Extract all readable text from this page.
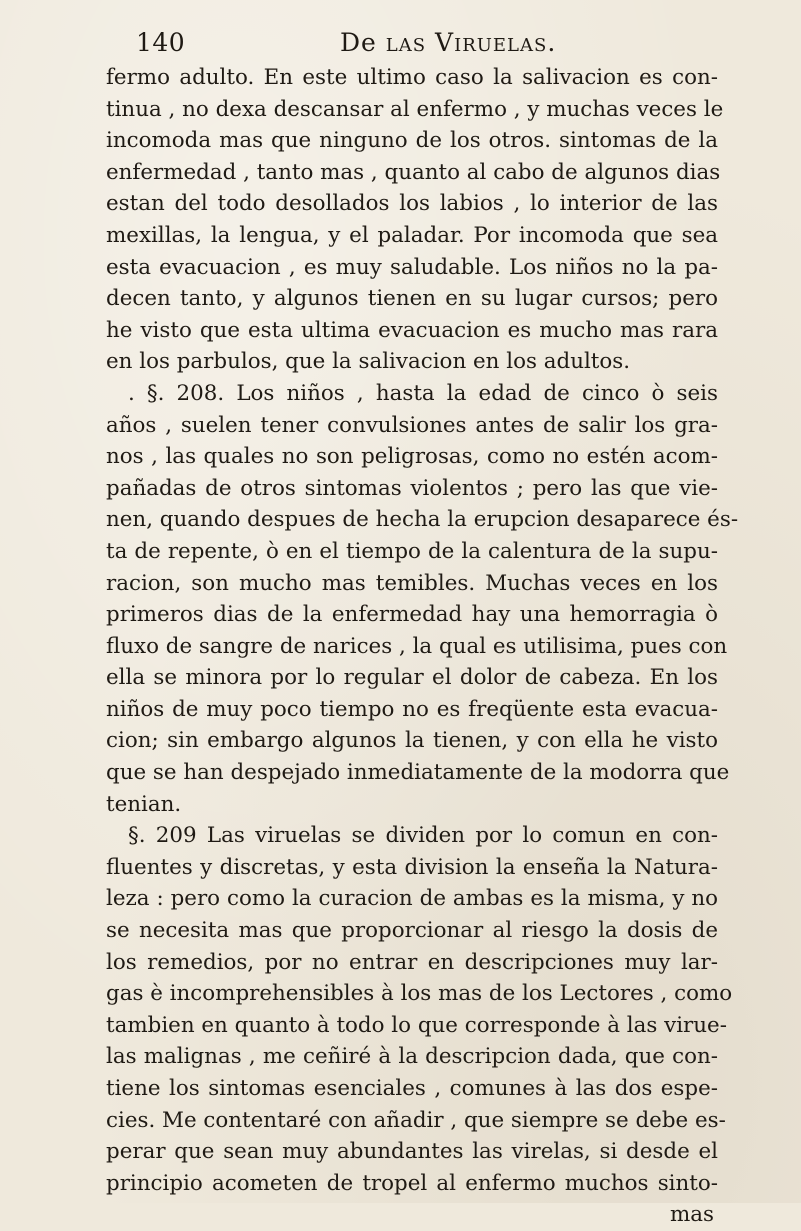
140	De las Viruelas.
fermo adulto. En este ultimo caso la salivacion es con-
tinua , no dexa descansar al enfermo , y muchas veces le
incomoda mas que ninguno de los otros. sintomas de la
enfermedad , tanto mas , quanto al cabo de algunos dias
estan del todo desollados los labios , lo interior de las
mexillas, la lengua, y el paladar. Por incomoda que sea
esta evacuacion , es muy saludable. Los niños no la pa-
decen tanto, y algunos tienen en su lugar cursos; pero
he visto que esta ultima evacuacion es mucho mas rara
en los parbulos, que la salivacion en los adultos.
. §. 208. Los niños , hasta la edad de cinco ò seis
años , suelen tener convulsiones antes de salir los gra-
nos , las quales no son peligrosas, como no estén acom-
pañadas de otros sintomas violentos ; pero las que vie-
nen, quando despues de hecha la erupcion desaparece és-
ta de repente, ò en el tiempo de la calentura de la supu-
racion, son mucho mas temibles. Muchas veces en los
primeros dias de la enfermedad hay una hemorragia ò
fluxo de sangre de narices , la qual es utilisima, pues con
ella se minora por lo regular el dolor de cabeza. En los
niños de muy poco tiempo no es freqüente esta evacua-
cion; sin embargo algunos la tienen, y con ella he visto
que se han despejado inmediatamente de la modorra que
tenian.
§. 209 Las viruelas se dividen por lo comun en con-
fluentes y discretas, y esta division la enseña la Natura-
leza : pero como la curacion de ambas es la misma, y no
se necesita mas que proporcionar al riesgo la dosis de
los remedios, por no entrar en descripciones muy lar-
gas è incomprehensibles à los mas de los Lectores , como
tambien en quanto à todo lo que corresponde à las virue-
las malignas , me ceñiré à la descripcion dada, que con-
tiene los sintomas esenciales , comunes à las dos espe-
cies. Me contentaré con añadir , que siempre se debe es-
perar que sean muy abundantes las virelas, si desde el
principio acometen de tropel al enfermo muchos sinto-
mas
